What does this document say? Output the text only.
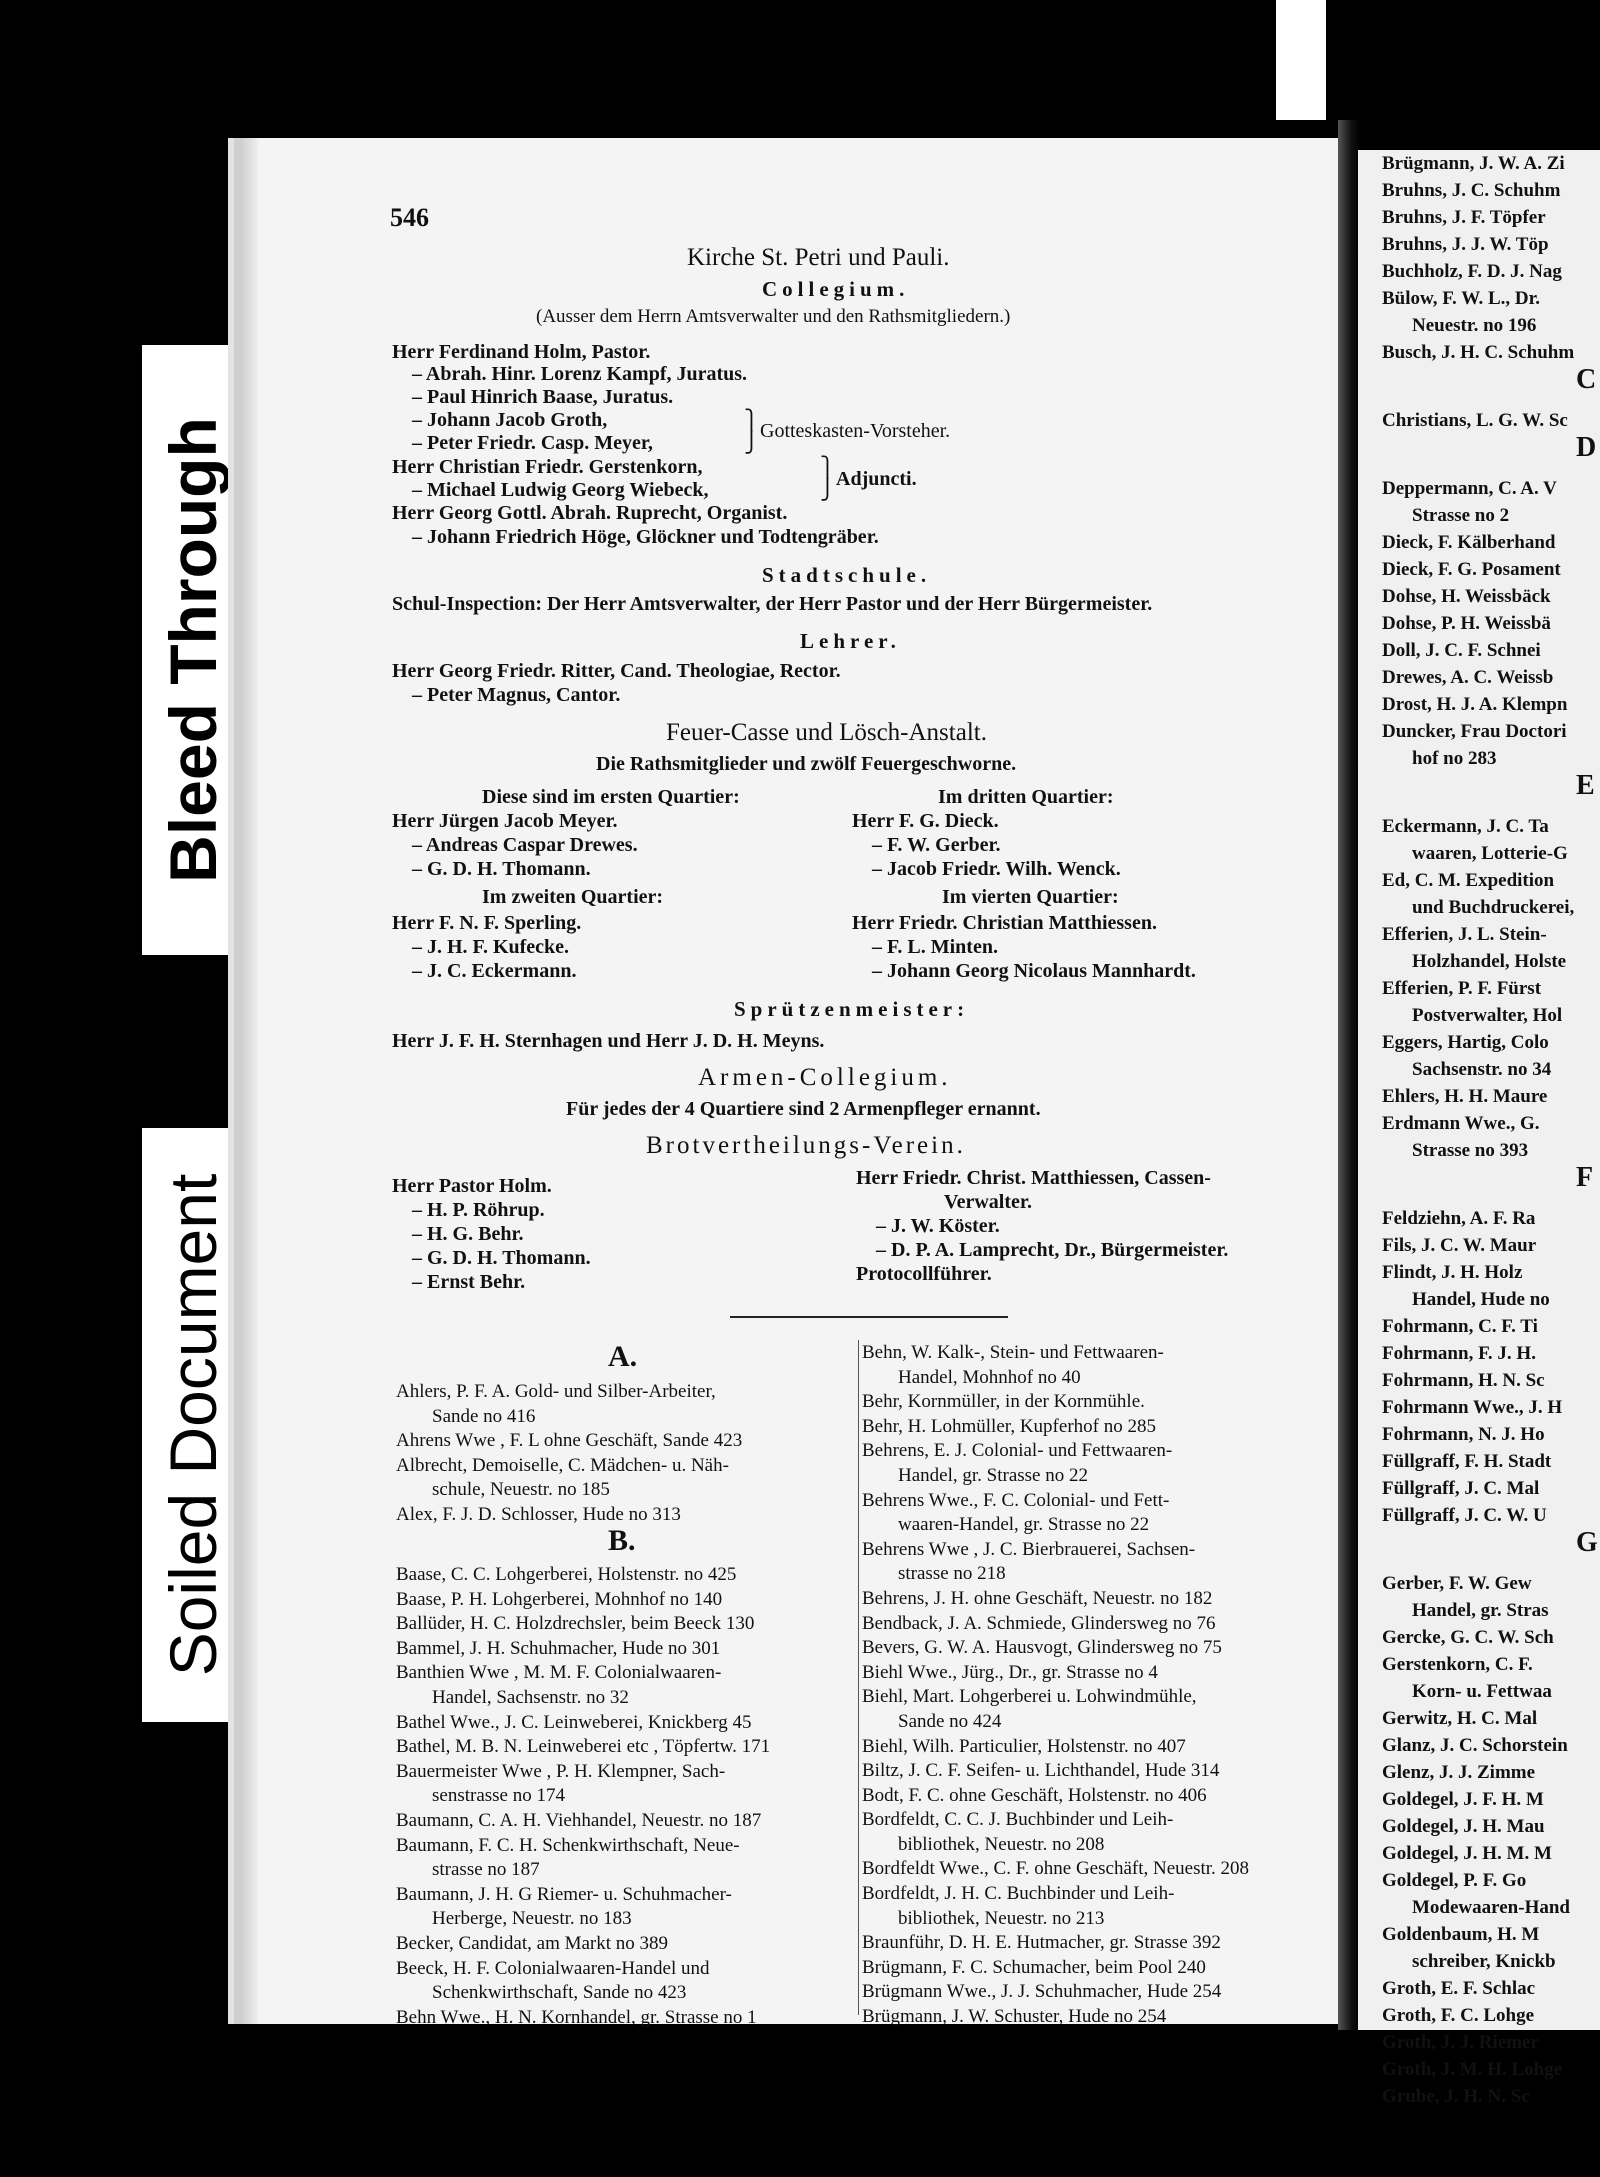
Bleed Through
Soiled Document
546
Kirche St. Petri und Pauli.
Collegium.
(Ausser dem Herrn Amtsverwalter und den Rathsmitgliedern.)
Herr Ferdinand Holm, Pastor.
– Abrah. Hinr. Lorenz Kampf, Juratus.
– Paul Hinrich Baase, Juratus.
– Johann Jacob Groth,
– Peter Friedr. Casp. Meyer,
⎫
⎭
Gotteskasten-Vorsteher.
Herr Christian Friedr. Gerstenkorn,
– Michael Ludwig Georg Wiebeck,
⎫
⎭ Adjuncti.
Herr Georg Gottl. Abrah. Ruprecht, Organist.
– Johann Friedrich Höge, Glöckner und Todtengräber.
Stadtschule.
Schul-Inspection: Der Herr Amtsverwalter, der Herr Pastor und der Herr Bürgermeister.
Lehrer.
Herr Georg Friedr. Ritter, Cand. Theologiae, Rector.
– Peter Magnus, Cantor.
Feuer-Casse und Lösch-Anstalt.
Die Rathsmitglieder und zwölf Feuergeschworne.
Diese sind im ersten Quartier:
Herr Jürgen Jacob Meyer.
– Andreas Caspar Drewes.
– G. D. H. Thomann.
Im zweiten Quartier:
Herr F. N. F. Sperling.
– J. H. F. Kufecke.
– J. C. Eckermann.
Im dritten Quartier:
Herr F. G. Dieck.
– F. W. Gerber.
– Jacob Friedr. Wilh. Wenck.
Im vierten Quartier:
Herr Friedr. Christian Matthiessen.
– F. L. Minten.
– Johann Georg Nicolaus Mannhardt.
Sprützenmeister:
Herr J. F. H. Sternhagen und Herr J. D. H. Meyns.
Armen-Collegium.
Für jedes der 4 Quartiere sind 2 Armenpfleger ernannt.
Brotvertheilungs-Verein.
Herr Pastor Holm.
– H. P. Röhrup.
– H. G. Behr.
– G. D. H. Thomann.
– Ernst Behr.
Herr Friedr. Christ. Matthiessen, Cassen-
Verwalter.
– J. W. Köster.
– D. P. A. Lamprecht, Dr., Bürgermeister.
Protocollführer.
A.
Ahlers, P. F. A. Gold- und Silber-Arbeiter,
Sande no 416
Ahrens Wwe , F. L ohne Geschäft, Sande 423
Albrecht, Demoiselle, C. Mädchen- u. Näh-
schule, Neuestr. no 185
Alex, F. J. D. Schlosser, Hude no 313
B.
Baase, C. C. Lohgerberei, Holstenstr. no 425
Baase, P. H. Lohgerberei, Mohnhof no 140
Ballüder, H. C. Holzdrechsler, beim Beeck 130
Bammel, J. H. Schuhmacher, Hude no 301
Banthien Wwe , M. M. F. Colonialwaaren-
Handel, Sachsenstr. no 32
Bathel Wwe., J. C. Leinweberei, Knickberg 45
Bathel, M. B. N. Leinweberei etc , Töpfertw. 171
Bauermeister Wwe , P. H. Klempner, Sach-
senstrasse no 174
Baumann, C. A. H. Viehhandel, Neuestr. no 187
Baumann, F. C. H. Schenkwirthschaft, Neue-
strasse no 187
Baumann, J. H. G Riemer- u. Schuhmacher-
Herberge, Neuestr. no 183
Becker, Candidat, am Markt no 389
Beeck, H. F. Colonialwaaren-Handel und
Schenkwirthschaft, Sande no 423
Behn Wwe., H. N. Kornhandel, gr. Strasse no 1
Behn, W. Kalk-, Stein- und Fettwaaren-
Handel, Mohnhof no 40
Behr, Kornmüller, in der Kornmühle.
Behr, H. Lohmüller, Kupferhof no 285
Behrens, E. J. Colonial- und Fettwaaren-
Handel, gr. Strasse no 22
Behrens Wwe., F. C. Colonial- und Fett-
waaren-Handel, gr. Strasse no 22
Behrens Wwe , J. C. Bierbrauerei, Sachsen-
strasse no 218
Behrens, J. H. ohne Geschäft, Neuestr. no 182
Bendback, J. A. Schmiede, Glindersweg no 76
Bevers, G. W. A. Hausvogt, Glindersweg no 75
Biehl Wwe., Jürg., Dr., gr. Strasse no 4
Biehl, Mart. Lohgerberei u. Lohwindmühle,
Sande no 424
Biehl, Wilh. Particulier, Holstenstr. no 407
Biltz, J. C. F. Seifen- u. Lichthandel, Hude 314
Bodt, F. C. ohne Geschäft, Holstenstr. no 406
Bordfeldt, C. C. J. Buchbinder und Leih-
bibliothek, Neuestr. no 208
Bordfeldt Wwe., C. F. ohne Geschäft, Neuestr. 208
Bordfeldt, J. H. C. Buchbinder und Leih-
bibliothek, Neuestr. no 213
Braunführ, D. H. E. Hutmacher, gr. Strasse 392
Brügmann, F. C. Schumacher, beim Pool 240
Brügmann Wwe., J. J. Schuhmacher, Hude 254
Brügmann, J. W. Schuster, Hude no 254
Brügmann, J. W. A. Zi
Bruhns, J. C. Schuhm
Bruhns, J. F. Töpfer
Bruhns, J. J. W. Töp
Buchholz, F. D. J. Nag
Bülow, F. W. L., Dr.
Neuestr. no 196
Busch, J. H. C. Schuhm
C
Christians, L. G. W. Sc
D
Deppermann, C. A. V
Strasse no 2
Dieck, F. Kälberhand
Dieck, F. G. Posament
Dohse, H. Weissbäck
Dohse, P. H. Weissbä
Doll, J. C. F. Schnei
Drewes, A. C. Weissb
Drost, H. J. A. Klempn
Duncker, Frau Doctori
hof no 283
E
Eckermann, J. C. Ta
waaren, Lotterie-G
Ed, C. M. Expedition
und Buchdruckerei,
Efferien, J. L. Stein-
Holzhandel, Holste
Efferien, P. F. Fürst
Postverwalter, Hol
Eggers, Hartig, Colo
Sachsenstr. no 34
Ehlers, H. H. Maure
Erdmann Wwe., G.
Strasse no 393
F
Feldziehn, A. F. Ra
Fils, J. C. W. Maur
Flindt, J. H. Holz
Handel, Hude no
Fohrmann, C. F. Ti
Fohrmann, F. J. H.
Fohrmann, H. N. Sc
Fohrmann Wwe., J. H
Fohrmann, N. J. Ho
Füllgraff, F. H. Stadt
Füllgraff, J. C. Mal
Füllgraff, J. C. W. U
G
Gerber, F. W. Gew
Handel, gr. Stras
Gercke, G. C. W. Sch
Gerstenkorn, C. F.
Korn- u. Fettwaa
Gerwitz, H. C. Mal
Glanz, J. C. Schorstein
Glenz, J. J. Zimme
Goldegel, J. F. H. M
Goldegel, J. H. Mau
Goldegel, J. H. M. M
Goldegel, P. F. Go
Modewaaren-Hand
Goldenbaum, H. M
schreiber, Knickb
Groth, E. F. Schlac
Groth, F. C. Lohge
Groth, J. J. Riemer
Groth, J. M. H. Lohge
Grube, J. H. N. Sc
